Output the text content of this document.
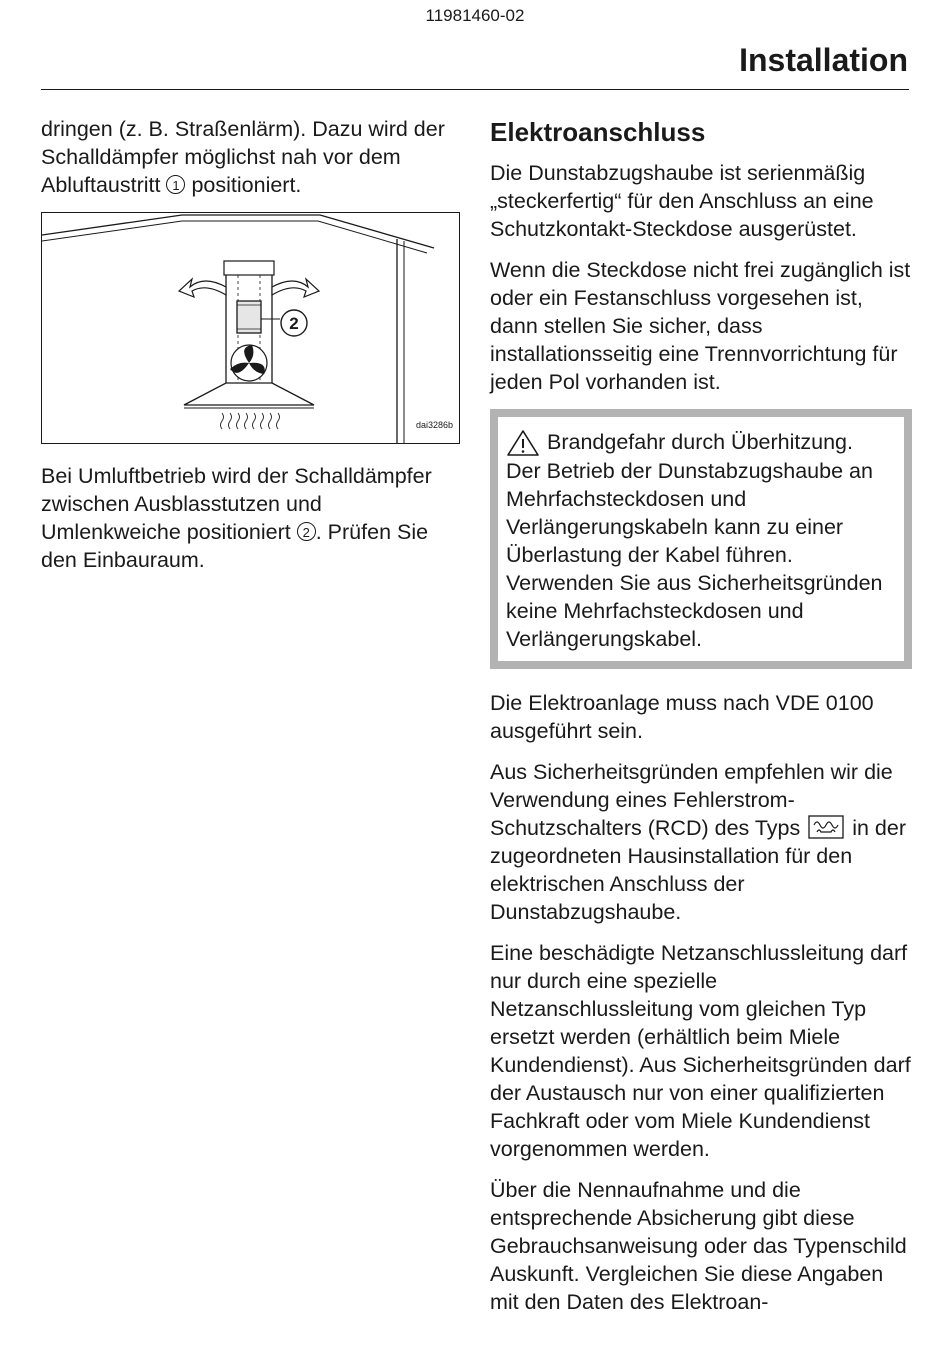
11981460-02
Installation

dringen (z. B. Straßenlärm). Dazu wird der Schalldämpfer möglichst nah vor dem Abluftaustritt 1 positioniert.

2
dai3286b

Bei Umluftbetrieb wird der Schalldämpfer zwischen Ausblasstutzen und Umlenkweiche positioniert 2 . Prüfen Sie den Einbauraum.

Elektroanschluss

Die Dunstabzugshaube ist serienmäßig „steckerfertig“ für den Anschluss an eine Schutzkontakt-Steckdose ausgerüstet.

Wenn die Steckdose nicht frei zugänglich ist oder ein Festanschluss vorgesehen ist, dann stellen Sie sicher, dass installationsseitig eine Trennvorrichtung für jeden Pol vorhanden ist.

Brandgefahr durch Überhitzung.

Der Betrieb der Dunstabzugshaube an Mehrfachsteckdosen und Verlängerungskabeln kann zu einer Überlastung der Kabel führen.

Verwenden Sie aus Sicherheitsgründen keine Mehrfachsteckdosen und Verlängerungskabel.

Die Elektroanlage muss nach VDE 0100 ausgeführt sein.

Aus Sicherheitsgründen empfehlen wir die Verwendung eines Fehlerstrom-Schutzschalters (RCD) des Typs  in der zugeordneten Hausinstallation für den elektrischen Anschluss der Dunstabzugshaube.

Eine beschädigte Netzanschlussleitung darf nur durch eine spezielle Netzanschlussleitung vom gleichen Typ ersetzt werden (erhältlich beim Miele Kundendienst). Aus Sicherheitsgründen darf der Austausch nur von einer qualifizierten Fachkraft oder vom Miele Kundendienst vorgenommen werden.

Über die Nennaufnahme und die entsprechende Absicherung gibt diese Gebrauchsanweisung oder das Typenschild Auskunft. Vergleichen Sie diese Angaben mit den Daten des Elektroan-
